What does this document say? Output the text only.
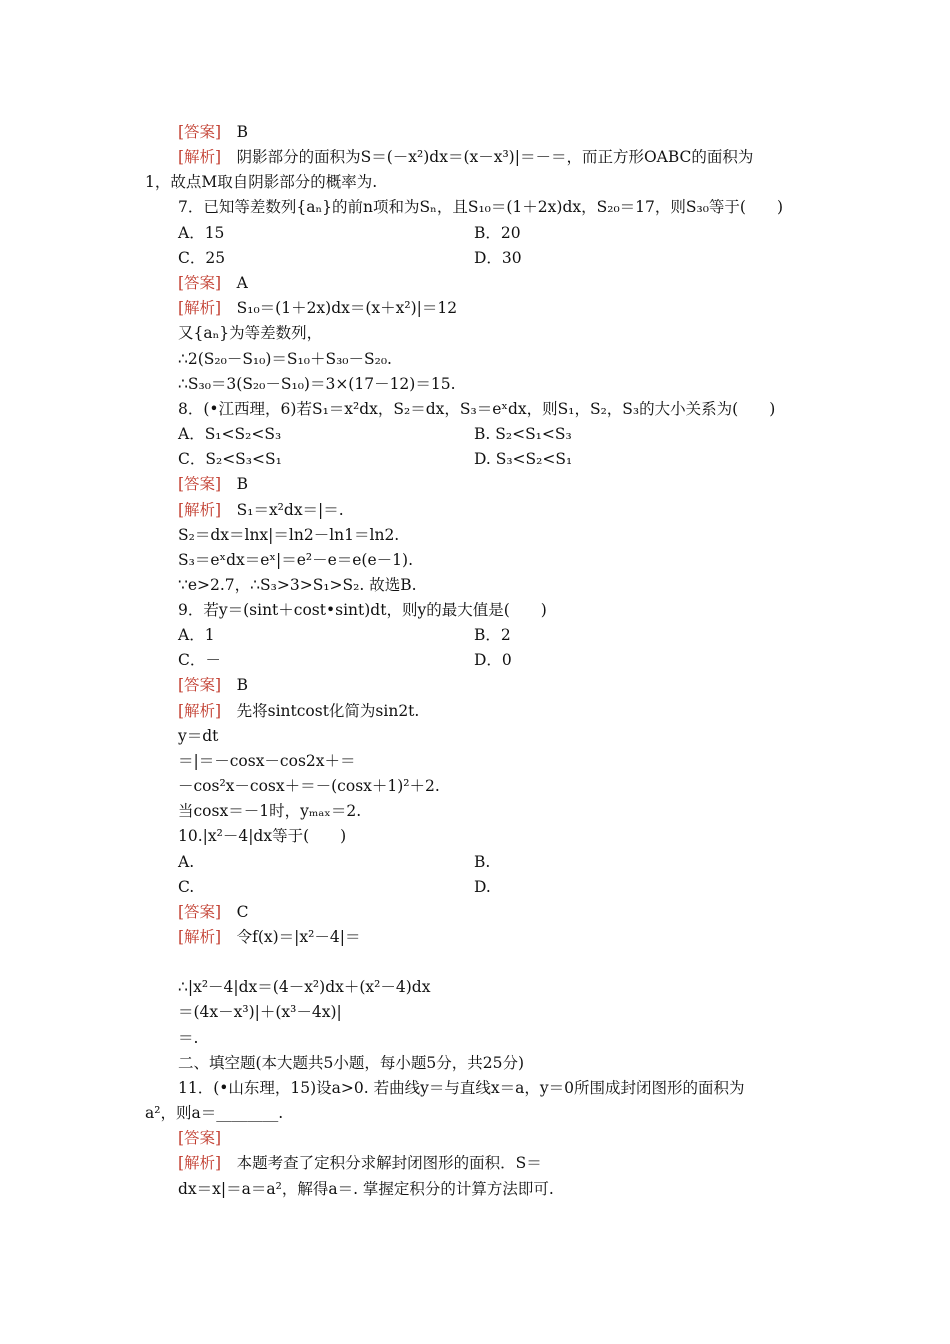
[答案]　B
[解析]　阴影部分的面积为S＝(－x²)dx＝(x－x³)|＝－＝，而正方形OABC的面积为
1，故点M取自阴影部分的概率为.
7．已知等差数列{aₙ}的前n项和为Sₙ，且S₁₀＝(1＋2x)dx，S₂₀＝17，则S₃₀等于(　　)
A．15	B．20
C．25	D．30
[答案]　A
[解析]　S₁₀＝(1＋2x)dx＝(x＋x²)|＝12
又{aₙ}为等差数列，
∴2(S₂₀－S₁₀)＝S₁₀＋S₃₀－S₂₀.
∴S₃₀＝3(S₂₀－S₁₀)＝3×(17－12)＝15.
8．(•江西理，6)若S₁＝x²dx，S₂＝dx，S₃＝eˣdx，则S₁，S₂，S₃的大小关系为(　　)
A．S₁<S₂<S₃	B. S₂<S₁<S₃
C．S₂<S₃<S₁	D. S₃<S₂<S₁
[答案]　B
[解析]　S₁＝x²dx＝|＝.
S₂＝dx＝lnx|＝ln2－ln1＝ln2.
S₃＝eˣdx＝eˣ|＝e²－e＝e(e－1).
∵e>2.7，∴S₃>3>S₁>S₂. 故选B.
9．若y＝(sint＋cost•sint)dt，则y的最大值是(　　)
A．1	B．2
C．－	D．0
[答案]　B
[解析]　先将sintcost化简为sin2t.
y＝dt
＝|＝－cosx－cos2x＋＝
－cos²x－cosx＋＝－(cosx＋1)²＋2.
当cosx＝－1时，yₘₐₓ＝2.
10.|x²－4|dx等于(　　)
A.	B.
C.	D.
[答案]　C
[解析]　令f(x)＝|x²－4|＝
∴|x²－4|dx＝(4－x²)dx＋(x²－4)dx
＝(4x－x³)|＋(x³－4x)|
＝.
二、填空题(本大题共5小题，每小题5分，共25分)
11．(•山东理，15)设a>0. 若曲线y＝与直线x＝a，y＝0所围成封闭图形的面积为
a²，则a＝________.
[答案]
[解析]　本题考查了定积分求解封闭图形的面积．S＝
dx＝x|＝a＝a²，解得a＝. 掌握定积分的计算方法即可.
